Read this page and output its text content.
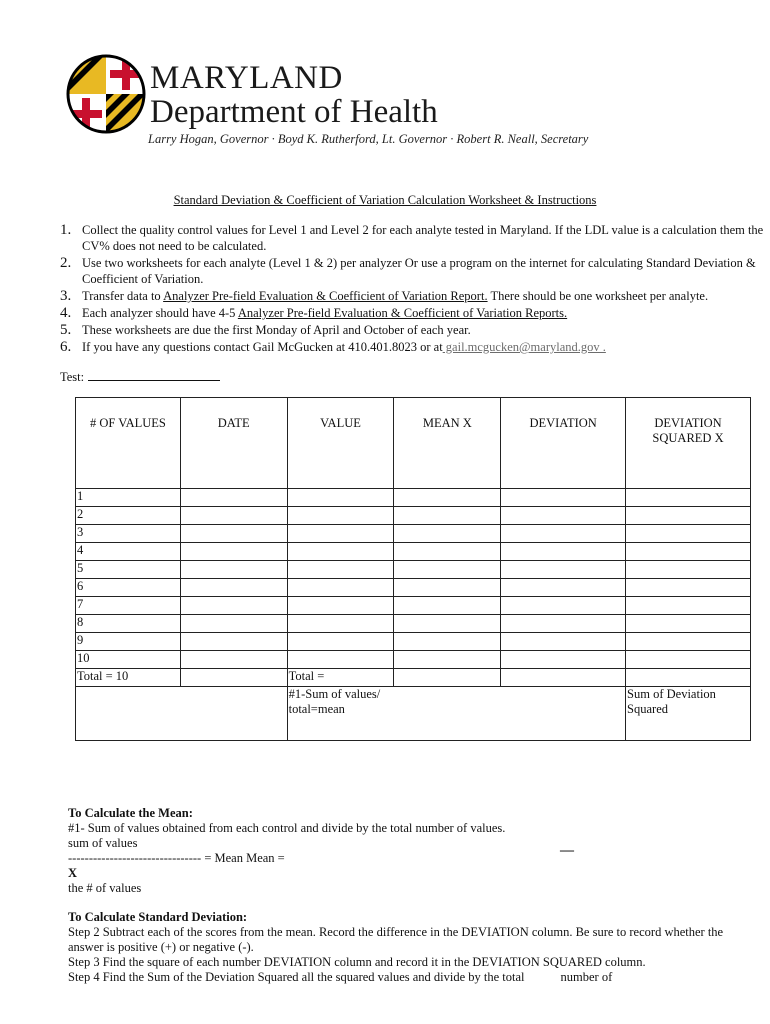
MARYLAND
Department of Health
Larry Hogan, Governor · Boyd K. Rutherford, Lt. Governor · Robert R. Neall, Secretary
Standard Deviation & Coefficient of Variation Calculation Worksheet & Instructions
1. Collect the quality control values for Level 1 and Level 2 for each analyte tested in Maryland. If the LDL value is a calculation them the CV% does not need to be calculated.
2. Use two worksheets for each analyte (Level 1 & 2) per analyzer Or use a program on the internet for calculating Standard Deviation & Coefficient of Variation.
3. Transfer data to Analyzer Pre-field Evaluation & Coefficient of Variation Report. There should be one worksheet per analyte.
4. Each analyzer should have 4-5 Analyzer Pre-field Evaluation & Coefficient of Variation Reports.
5. These worksheets are due the first Monday of April and October of each year.
6. If you have any questions contact Gail McGucken at 410.401.8023 or at gail.mcgucken@maryland.gov .
Test:
# OF VALUES	DATE	VALUE	MEAN X	DEVIATION	DEVIATION SQUARED X
1					
2					
3					
4					
5					
6					
7					
8					
9					
10					
Total = 10		Total =			
		#1-Sum of values/ total=mean			Sum of Deviation Squared
To Calculate the Mean:
#1- Sum of values obtained from each control and divide by the total number of values.
sum of values
-------------------------------- = Mean Mean =
X
the # of values
To Calculate Standard Deviation:
Step 2 Subtract each of the scores from the mean. Record the difference in the DEVIATION column. Be sure to record whether the answer is positive (+) or negative (-).
Step 3 Find the square of each number DEVIATION column and record it in the DEVIATION SQUARED column.
Step 4 Find the Sum of the Deviation Squared all the squared values and divide by the total	number of
—
